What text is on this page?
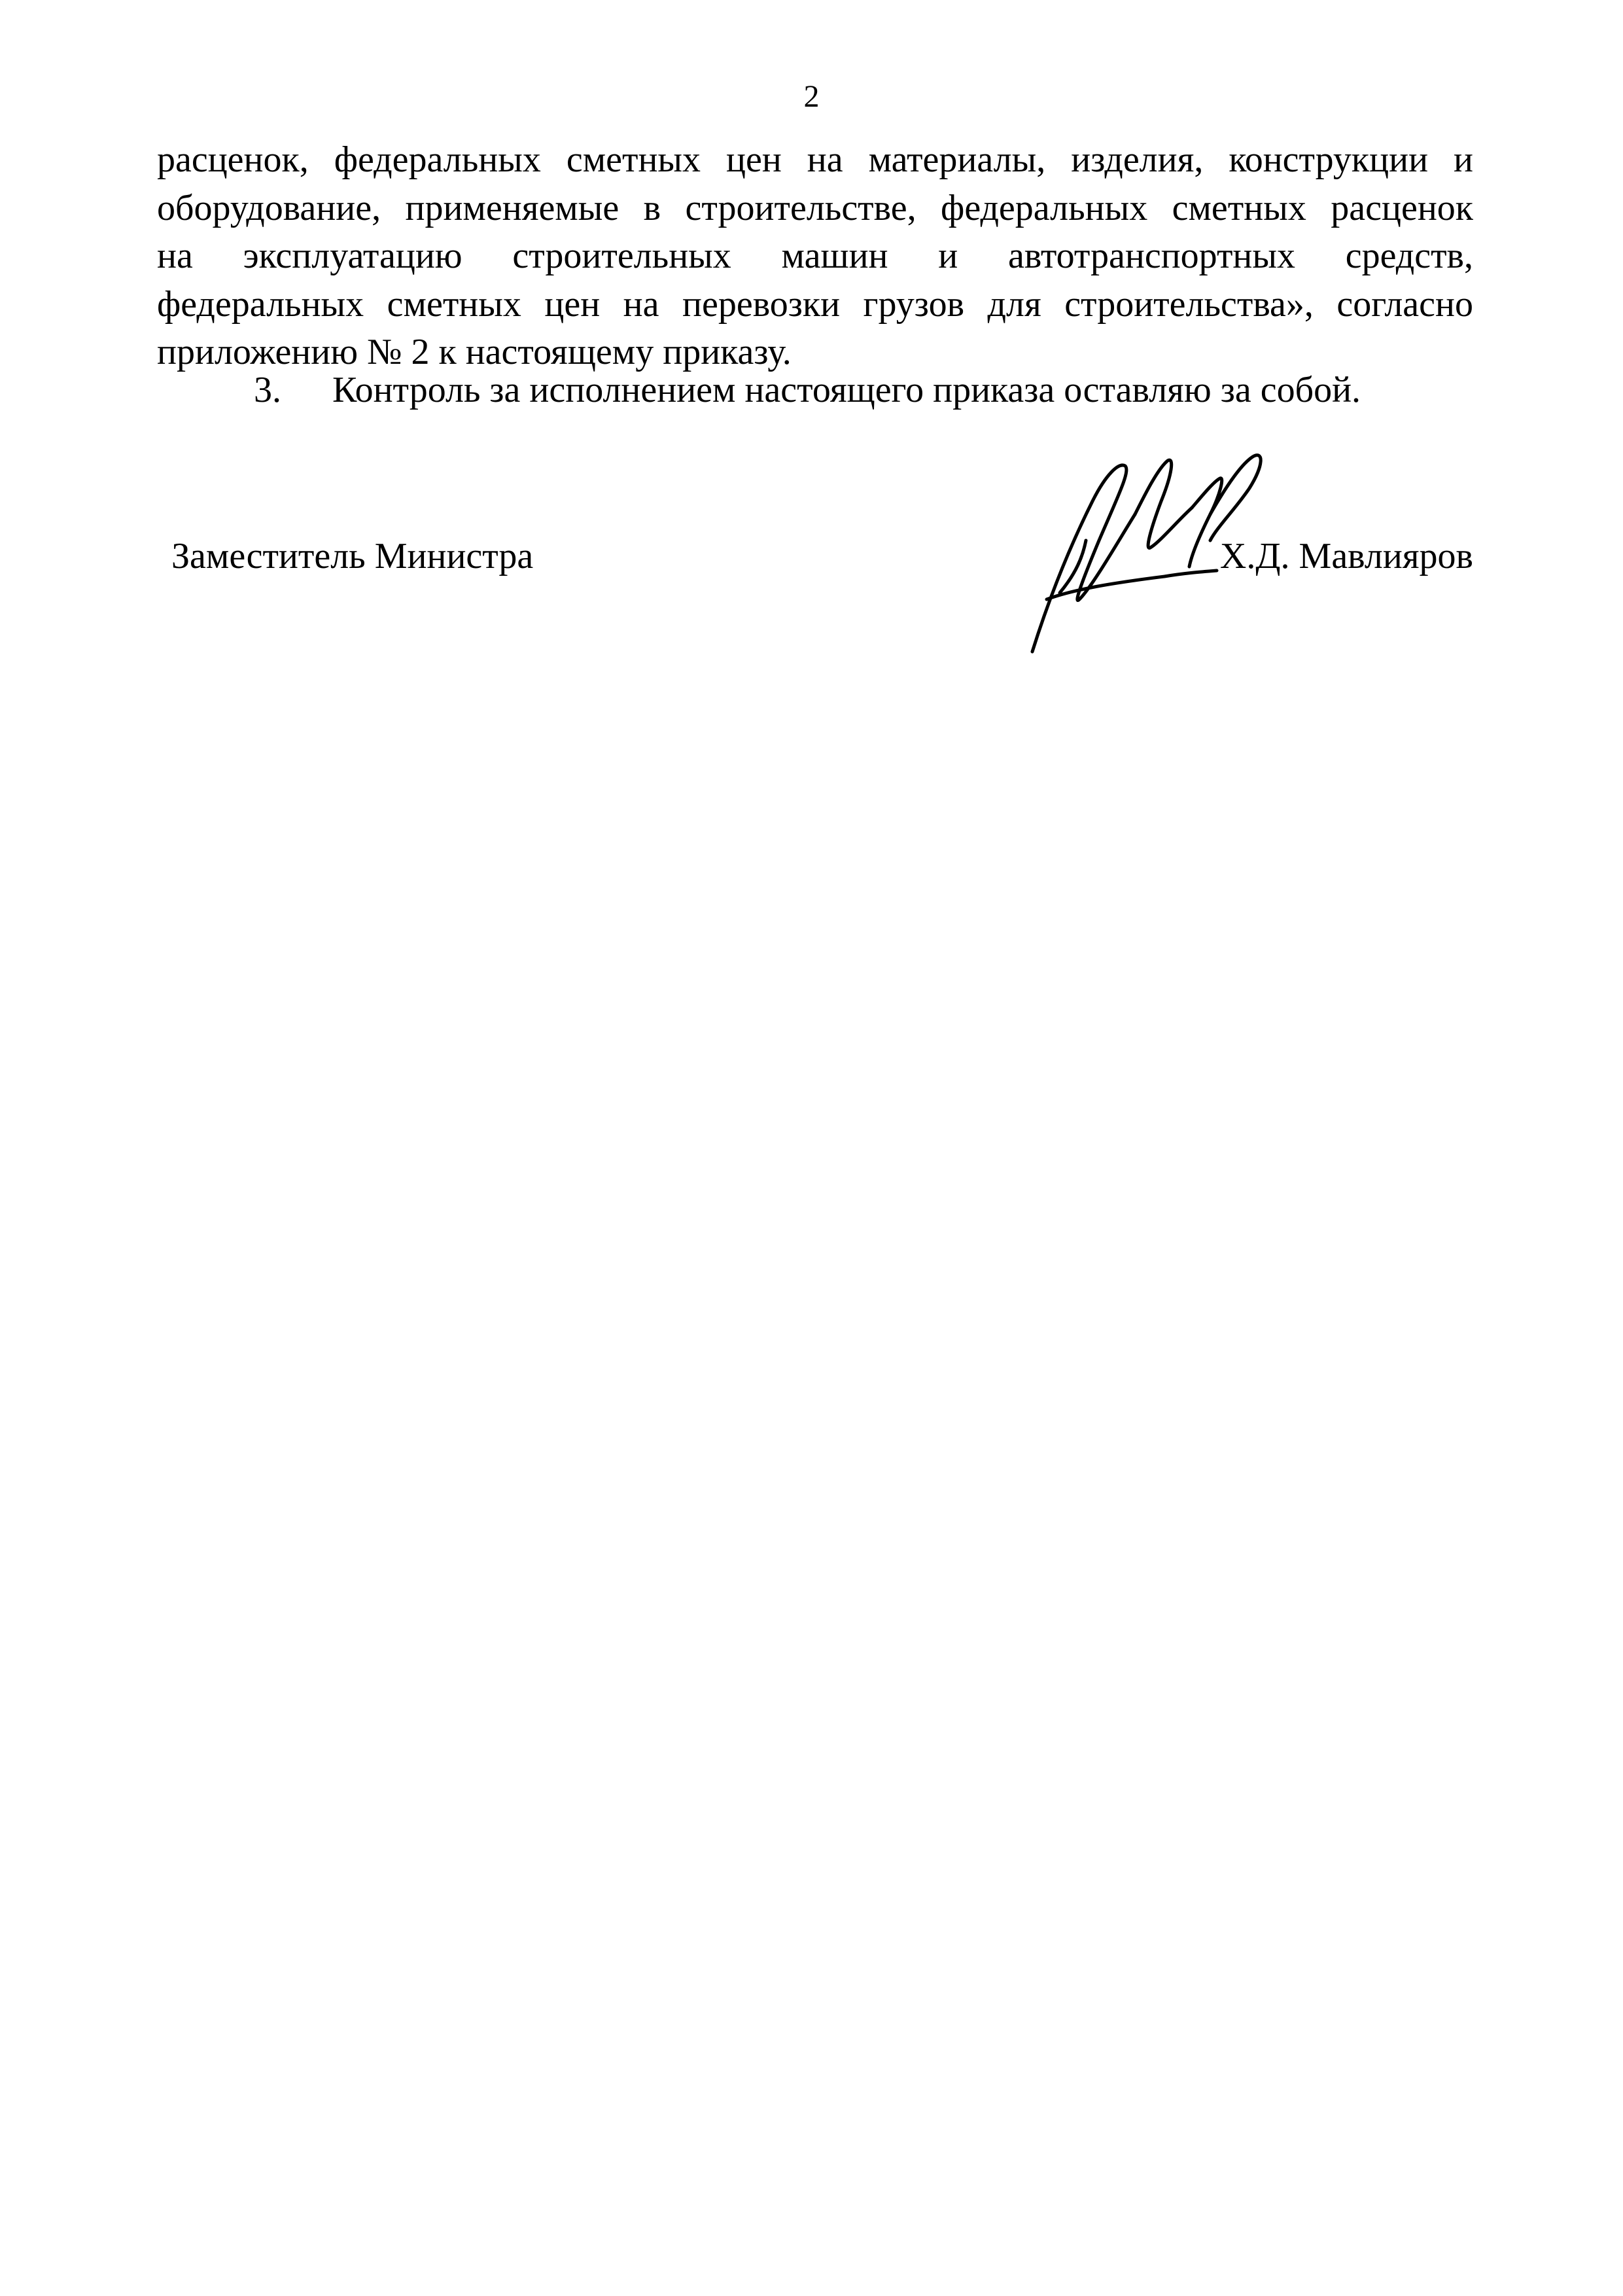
2
расценок, федеральных сметных цен на материалы, изделия, конструкции и
оборудование, применяемые в строительстве, федеральных сметных расценок
на эксплуатацию строительных машин и автотранспортных средств,
федеральных сметных цен на перевозки грузов для строительства», согласно
приложению № 2 к настоящему приказу.
3. Контроль за исполнением настоящего приказа оставляю за собой.
Заместитель Министра	Х.Д. Мавлияров
